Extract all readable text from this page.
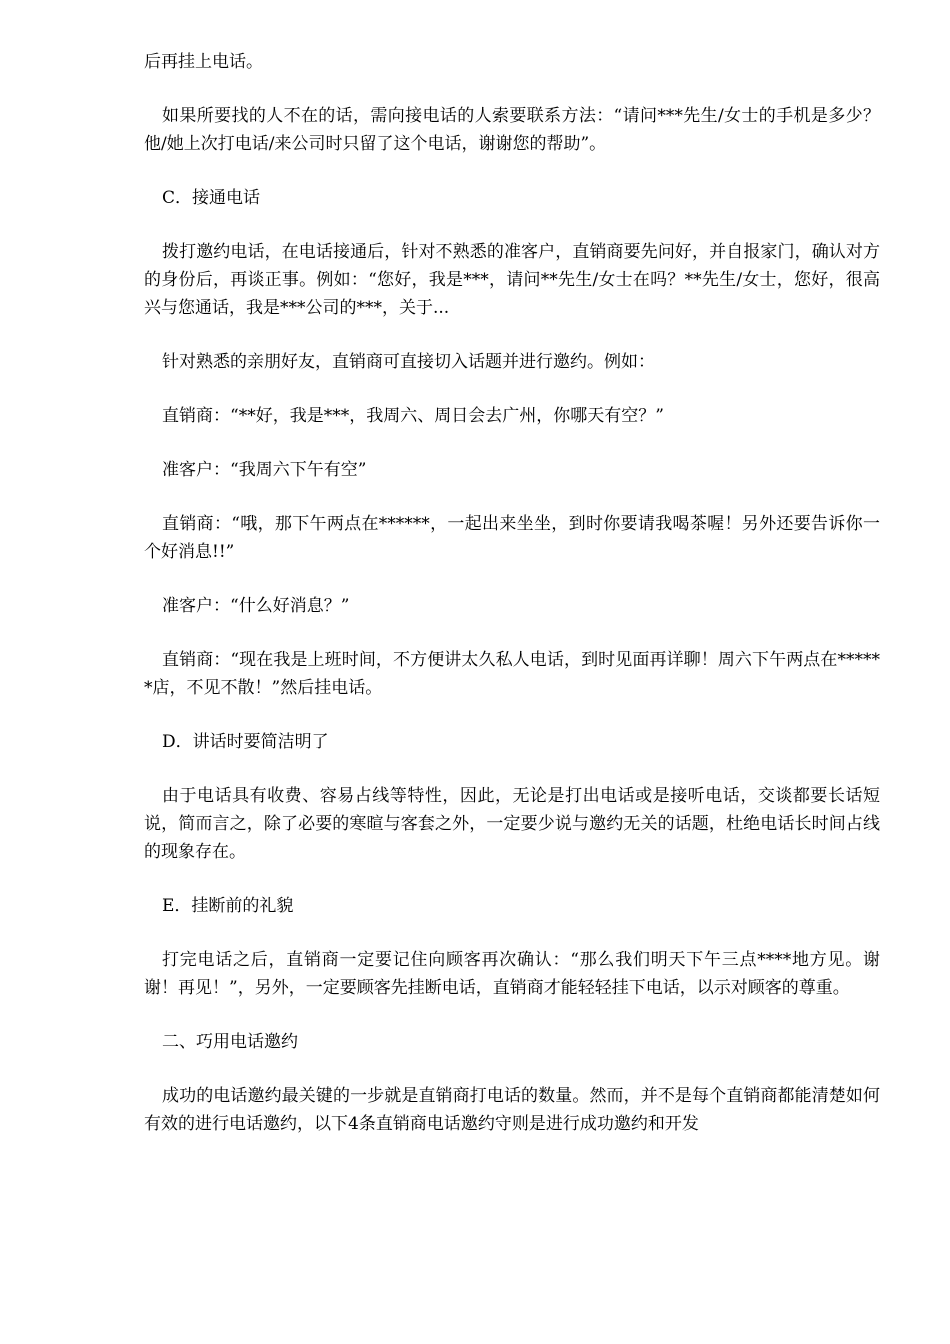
后再挂上电话。

如果所要找的人不在的话，需向接电话的人索要联系方法：“请问***先生/女士的手机是多少？他/她上次打电话/来公司时只留了这个电话，谢谢您的帮助”。

C．接通电话

拨打邀约电话，在电话接通后，针对不熟悉的准客户，直销商要先问好，并自报家门，确认对方的身份后，再谈正事。例如：“您好，我是***，请问**先生/女士在吗？**先生/女士，您好，很高兴与您通话，我是***公司的***，关于...

针对熟悉的亲朋好友，直销商可直接切入话题并进行邀约。例如：

直销商：“**好，我是***，我周六、周日会去广州，你哪天有空？”

准客户：“我周六下午有空”

直销商：“哦，那下午两点在******，一起出来坐坐，到时你要请我喝茶喔！另外还要告诉你一个好消息!!”

准客户：“什么好消息？”

直销商：“现在我是上班时间，不方便讲太久私人电话，到时见面再详聊！周六下午两点在******店，不见不散！”然后挂电话。

D．讲话时要简洁明了

由于电话具有收费、容易占线等特性，因此，无论是打出电话或是接听电话，交谈都要长话短说，简而言之，除了必要的寒暄与客套之外，一定要少说与邀约无关的话题，杜绝电话长时间占线的现象存在。

E．挂断前的礼貌

打完电话之后，直销商一定要记住向顾客再次确认：“那么我们明天下午三点****地方见。谢谢！再见！”，另外，一定要顾客先挂断电话，直销商才能轻轻挂下电话，以示对顾客的尊重。

二、巧用电话邀约

成功的电话邀约最关键的一步就是直销商打电话的数量。然而，并不是每个直销商都能清楚如何有效的进行电话邀约，以下4条直销商电话邀约守则是进行成功邀约和开发
